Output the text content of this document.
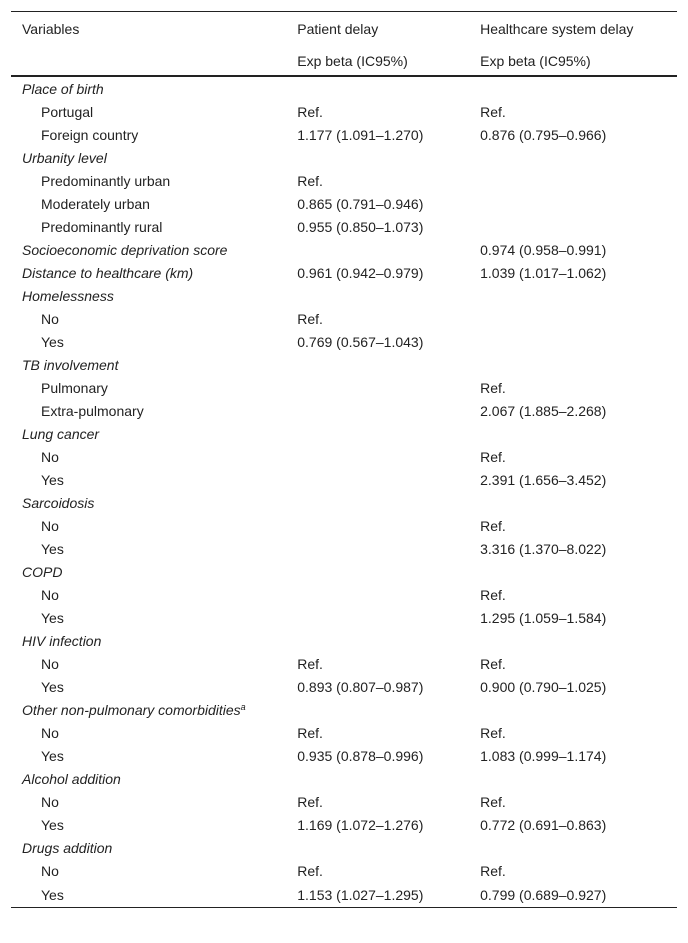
Variables	Patient delay	Healthcare system delay
	Exp beta (IC95%)	Exp beta (IC95%)
Place of birth		
Portugal	Ref.	Ref.
Foreign country	1.177 (1.091–1.270)	0.876 (0.795–0.966)
Urbanity level		
Predominantly urban	Ref.	
Moderately urban	0.865 (0.791–0.946)	
Predominantly rural	0.955 (0.850–1.073)	
Socioeconomic deprivation score		0.974 (0.958–0.991)
Distance to healthcare (km)	0.961 (0.942–0.979)	1.039 (1.017–1.062)
Homelessness		
No	Ref.	
Yes	0.769 (0.567–1.043)	
TB involvement		
Pulmonary		Ref.
Extra-pulmonary		2.067 (1.885–2.268)
Lung cancer		
No		Ref.
Yes		2.391 (1.656–3.452)
Sarcoidosis		
No		Ref.
Yes		3.316 (1.370–8.022)
COPD		
No		Ref.
Yes		1.295 (1.059–1.584)
HIV infection		
No	Ref.	Ref.
Yes	0.893 (0.807–0.987)	0.900 (0.790–1.025)
Other non-pulmonary comorbidities$^a$		
No	Ref.	Ref.
Yes	0.935 (0.878–0.996)	1.083 (0.999–1.174)
Alcohol addition		
No	Ref.	Ref.
Yes	1.169 (1.072–1.276)	0.772 (0.691–0.863)
Drugs addition		
No	Ref.	Ref.
Yes	1.153 (1.027–1.295)	0.799 (0.689–0.927)
